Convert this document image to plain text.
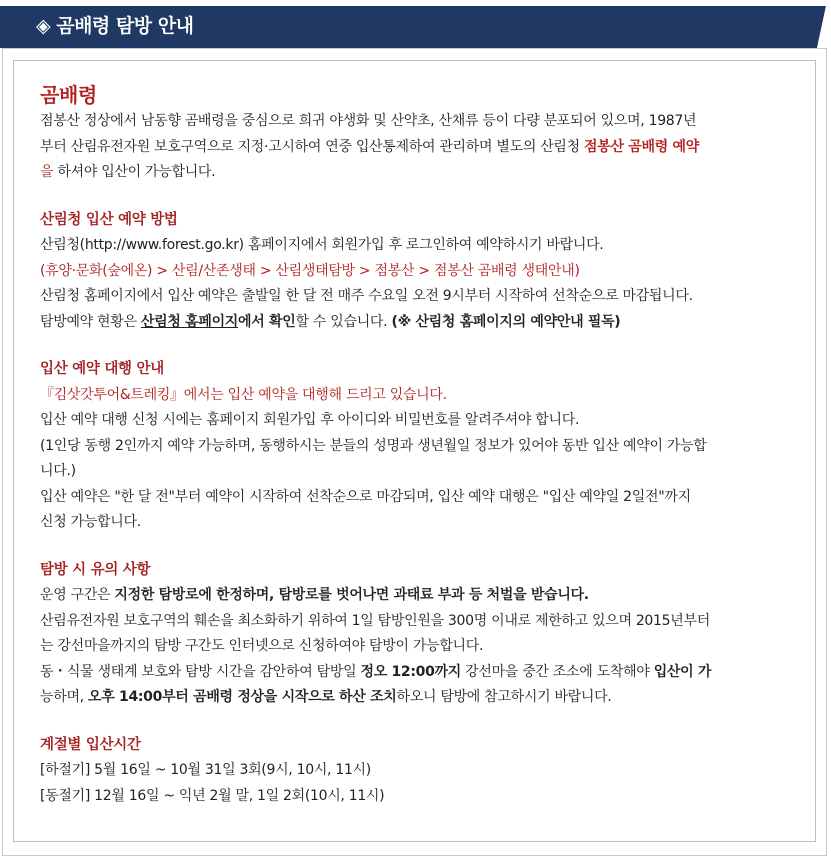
◈ 곰배령 탐방 안내
곰배령
점봉산 정상에서 남동향 곰배령을 중심으로 희귀 야생화 및 산약초, 산채류 등이 다량 분포되어 있으며, 1987년
부터 산림유전자원 보호구역으로 지정·고시하여 연중 입산통제하여 관리하며 별도의 산림청 점봉산 곰배령 예약
을 하셔야 입산이 가능합니다.
산림청 입산 예약 방법
산림청(http://www.forest.go.kr) 홈페이지에서 회원가입 후 로그인하여 예약하시기 바랍니다.
(휴양·문화(숲에온) > 산림/산존생태 > 산림생태탐방 > 점봉산 > 점봉산 곰배령 생태안내)
산림청 홈페이지에서 입산 예약은 출발일 한 달 전 매주 수요일 오전 9시부터 시작하여 선착순으로 마감됩니다.
탐방예약 현황은 산림청 홈페이지에서 확인할 수 있습니다. (※ 산림청 홈페이지의 예약안내 필독)
입산 예약 대행 안내
『김삿갓투어&트레킹』에서는 입산 예약을 대행해 드리고 있습니다.
입산 예약 대행 신청 시에는 홈페이지 회원가입 후 아이디와 비밀번호를 알려주셔야 합니다.
(1인당 동행 2인까지 예약 가능하며, 동행하시는 분들의 성명과 생년월일 정보가 있어야 동반 입산 예약이 가능합
니다.)
입산 예약은 "한 달 전"부터 예약이 시작하여 선착순으로 마감되며, 입산 예약 대행은 "입산 예약일 2일전"까지
신청 가능합니다.
탐방 시 유의 사항
운영 구간은 지정한 탐방로에 한정하며, 탐방로를 벗어나면 과태료 부과 등 처벌을 받습니다.
산림유전자원 보호구역의 훼손을 최소화하기 위하여 1일 탐방인원을 300명 이내로 제한하고 있으며 2015년부터
는 강선마을까지의 탐방 구간도 인터넷으로 신청하여야 탐방이 가능합니다.
동・식물 생태계 보호와 탐방 시간을 감안하여 탐방일 정오 12:00까지 강선마을 중간 조소에 도착해야 입산이 가
능하며, 오후 14:00부터 곰배령 정상을 시작으로 하산 조치하오니 탐방에 참고하시기 바랍니다.
계절별 입산시간
[하절기] 5월 16일 ~ 10월 31일 3회(9시, 10시, 11시)
[동절기] 12월 16일 ~ 익년 2월 말, 1일 2회(10시, 11시)
